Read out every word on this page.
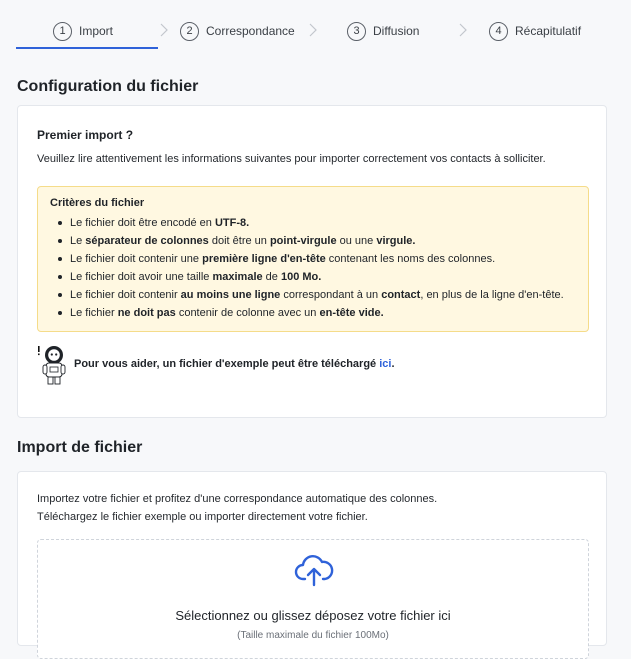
1	Import	2	Correspondance	3	Diffusion	4	Récapitulatif
Configuration du fichier
Premier import ?
Veuillez lire attentivement les informations suivantes pour importer correctement vos contacts à solliciter.
Critères du fichier
Le fichier doit être encodé en UTF-8.
Le séparateur de colonnes doit être un point-virgule ou une virgule.
Le fichier doit contenir une première ligne d'en-tête contenant les noms des colonnes.
Le fichier doit avoir une taille maximale de 100 Mo.
Le fichier doit contenir au moins une ligne correspondant à un contact, en plus de la ligne d'en-tête.
Le fichier ne doit pas contenir de colonne avec un en-tête vide.
Pour vous aider, un fichier d'exemple peut être téléchargé ici.
Import de fichier
Importez votre fichier et profitez d'une correspondance automatique des colonnes.
Téléchargez le fichier exemple ou importer directement votre fichier.
Sélectionnez ou glissez déposez votre fichier ici
(Taille maximale du fichier 100Mo)
